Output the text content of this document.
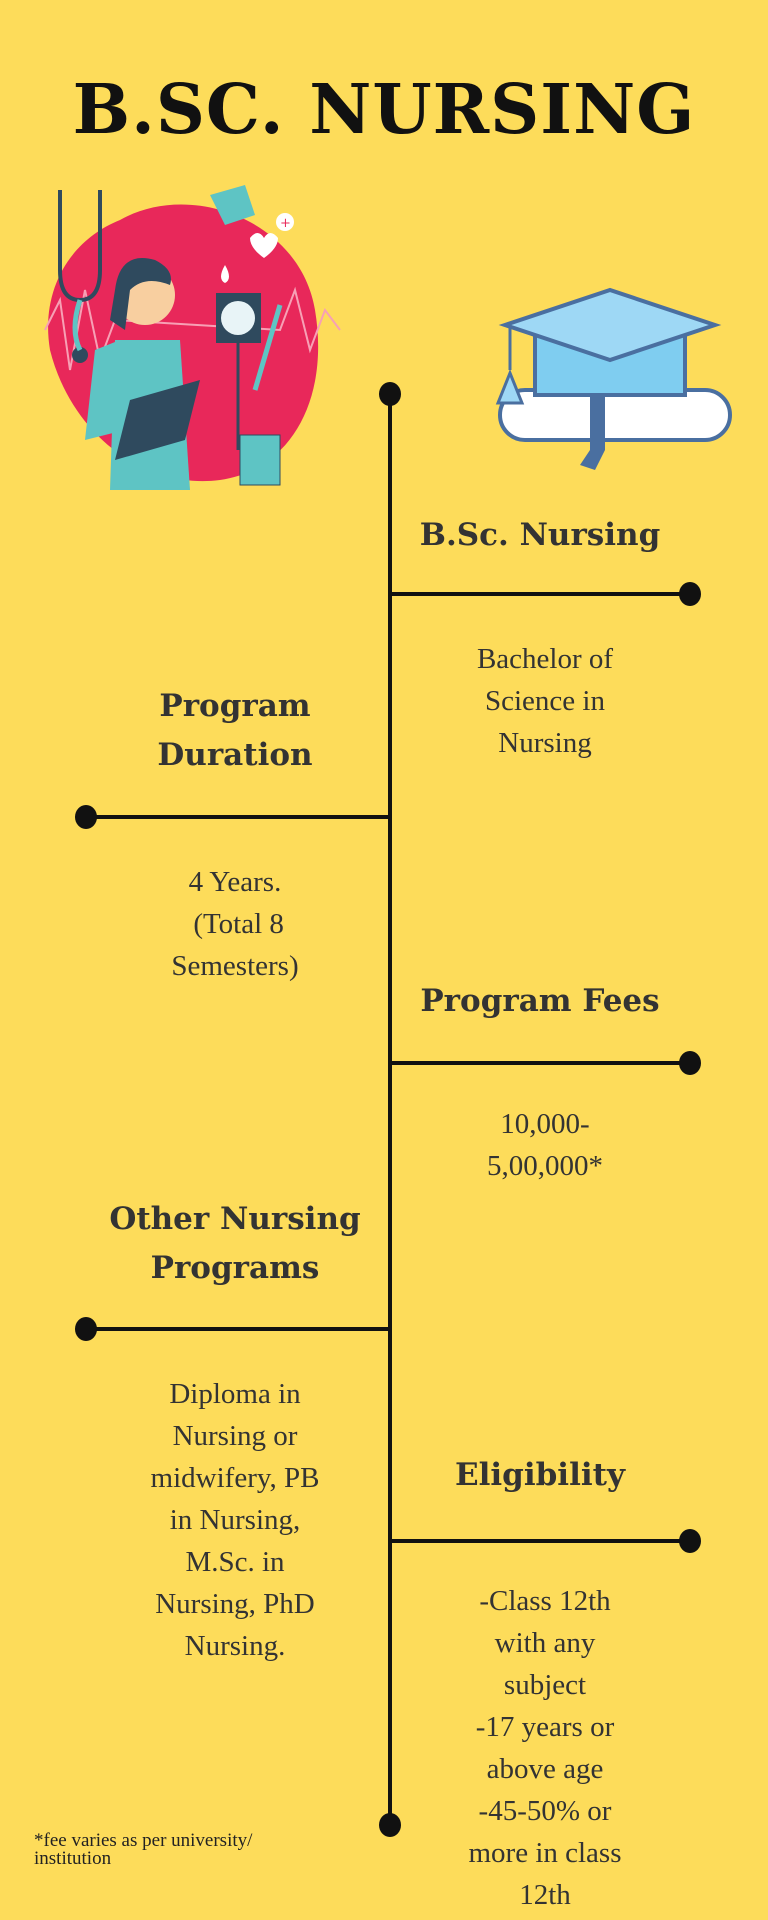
B.SC. NURSING
+
B.Sc. Nursing
Bachelor of
Science in
Nursing
Program
Duration
4 Years.
(Total 8
Semesters)
Program Fees
10,000-
5,00,000*
Other Nursing
Programs
Diploma in
Nursing or
midwifery, PB
in Nursing,
M.Sc. in
Nursing, PhD
Nursing.
Eligibility
-Class 12th
with any
subject
-17 years or
above age
-45-50% or
more in class
12th
*fee varies as per university/
institution
